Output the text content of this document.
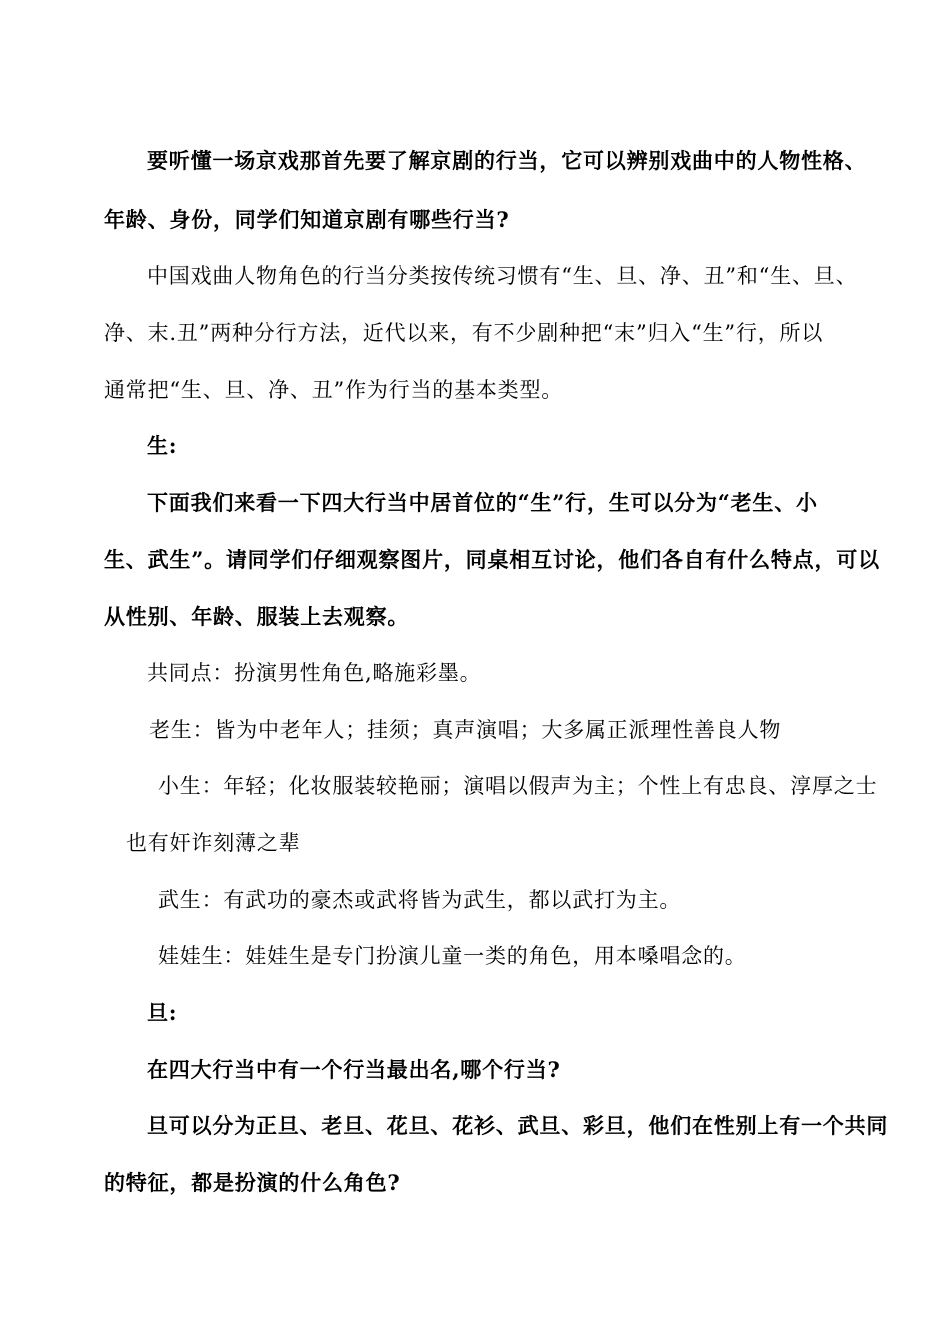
要听懂一场京戏那首先要了解京剧的行当，它可以辨别戏曲中的人物性格、
年龄、身份，同学们知道京剧有哪些行当?
中国戏曲人物角色的行当分类按传统习惯有“生、旦、净、丑”和“生、旦、
净、末.丑”两种分行方法，近代以来，有不少剧种把“末”归入“生”行，所以
通常把“生、旦、净、丑”作为行当的基本类型。
生:
下面我们来看一下四大行当中居首位的“生”行，生可以分为“老生、小
生、武生”。请同学们仔细观察图片，同桌相互讨论，他们各自有什么特点，可以
从性别、年龄、服装上去观察。
共同点：扮演男性角色,略施彩墨。
老生：皆为中老年人；挂须；真声演唱；大多属正派理性善良人物
小生：年轻；化妆服装较艳丽；演唱以假声为主；个性上有忠良、淳厚之士
也有奸诈刻薄之辈
武生：有武功的豪杰或武将皆为武生，都以武打为主。
娃娃生：娃娃生是专门扮演儿童一类的角色，用本嗓唱念的。
旦:
在四大行当中有一个行当最出名,哪个行当?
旦可以分为正旦、老旦、花旦、花衫、武旦、彩旦，他们在性别上有一个共同
的特征，都是扮演的什么角色?
